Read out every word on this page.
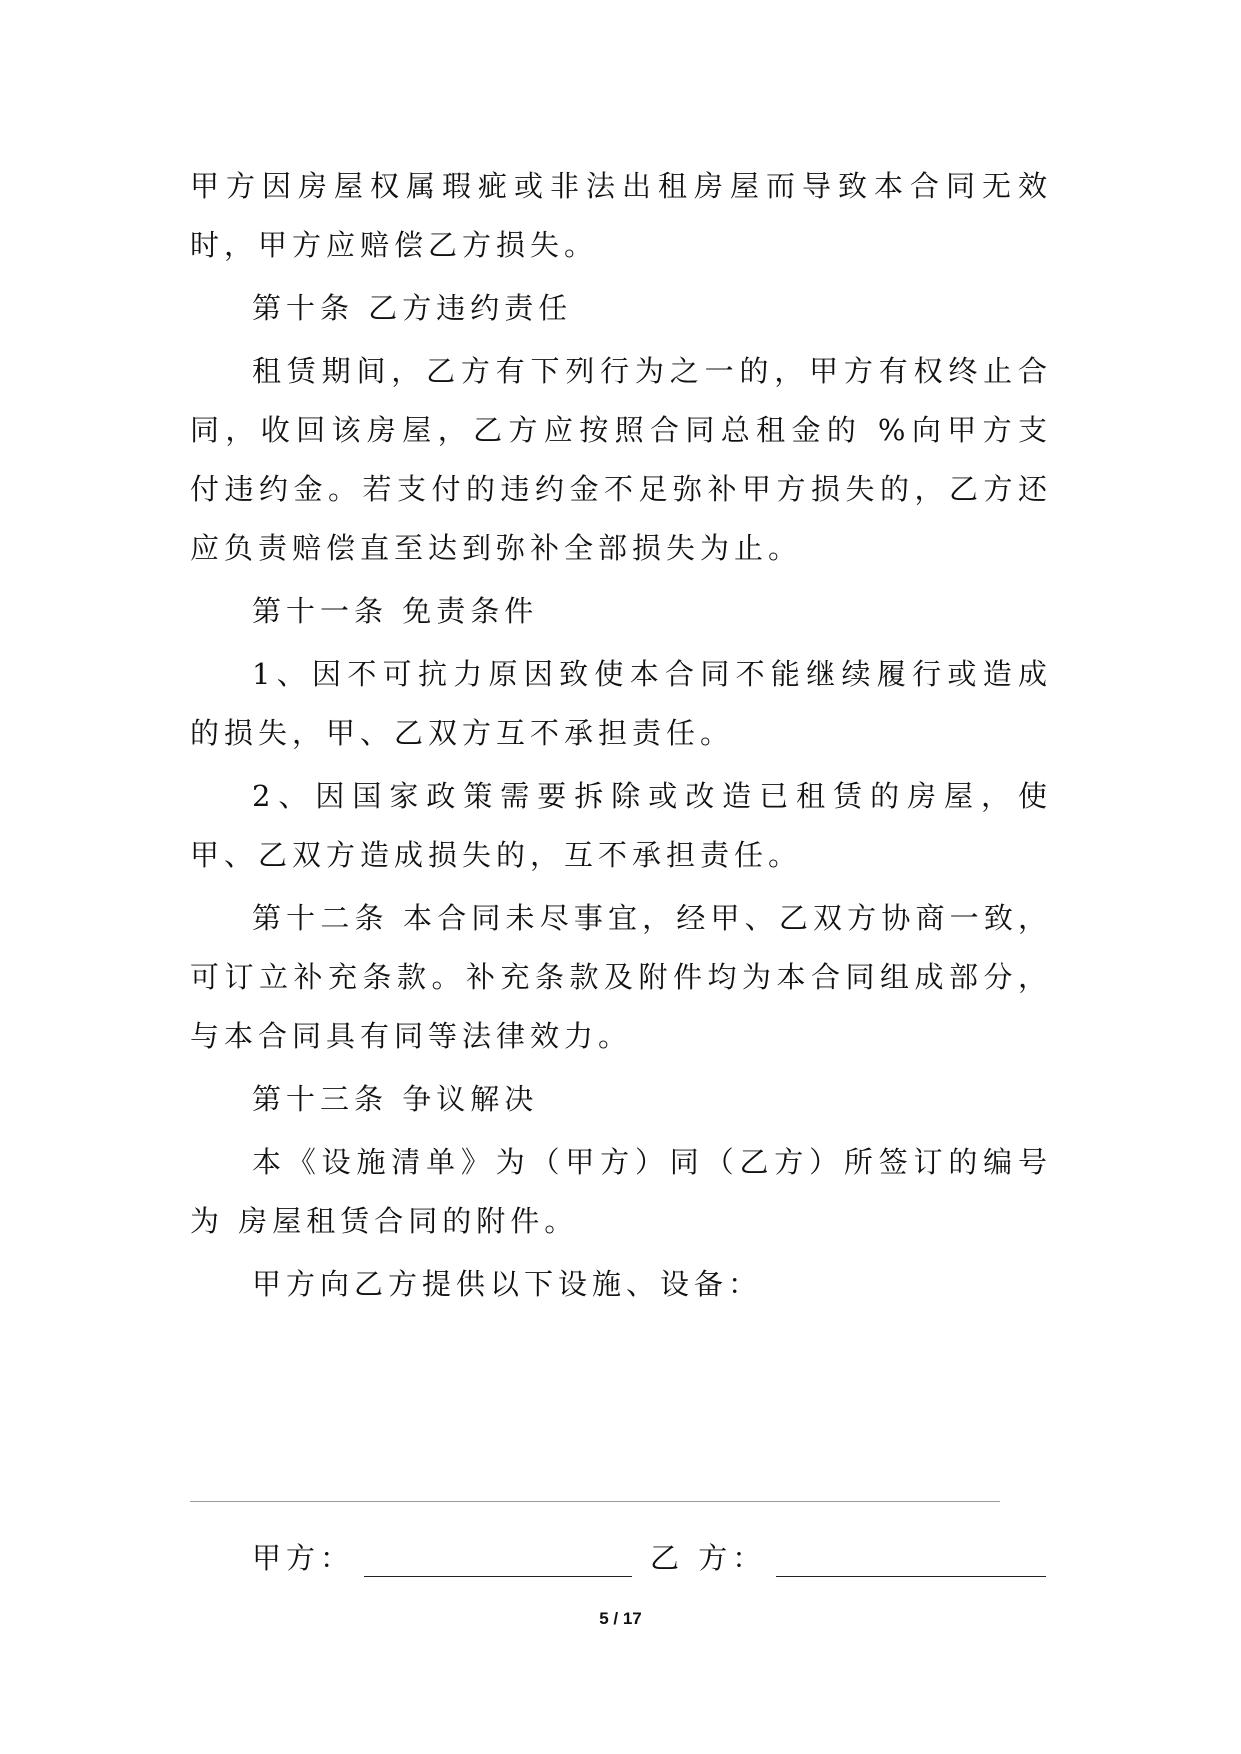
甲方因房屋权属瑕疵或非法出租房屋而导致本合同无效时，甲方应赔偿乙方损失。

第十条 乙方违约责任

租赁期间，乙方有下列行为之一的，甲方有权终止合同，收回该房屋，乙方应按照合同总租金的 %向甲方支付违约金。若支付的违约金不足弥补甲方损失的，乙方还应负责赔偿直至达到弥补全部损失为止。

第十一条 免责条件

1、因不可抗力原因致使本合同不能继续履行或造成的损失，甲、乙双方互不承担责任。

2、因国家政策需要拆除或改造已租赁的房屋，使甲、乙双方造成损失的，互不承担责任。

第十二条 本合同未尽事宜，经甲、乙双方协商一致，可订立补充条款。补充条款及附件均为本合同组成部分，与本合同具有同等法律效力。

第十三条 争议解决

本《设施清单》为（甲方）同（乙方）所签订的编号为 房屋租赁合同的附件。

甲方向乙方提供以下设施、设备：

甲方：	乙 方：
5 / 17
